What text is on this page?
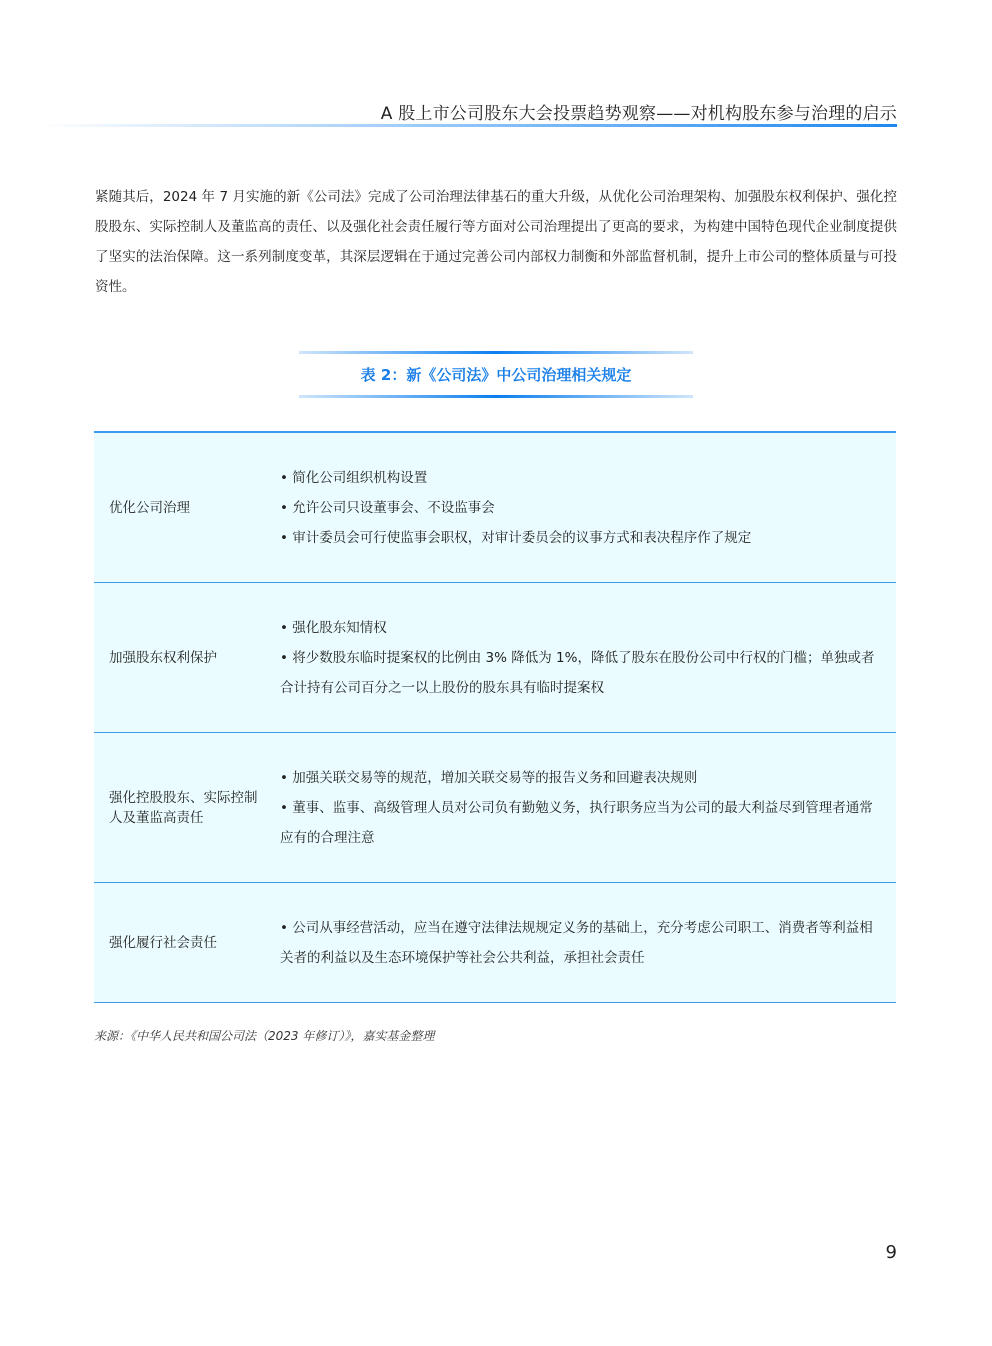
A 股上市公司股东大会投票趋势观察——对机构股东参与治理的启示
紧随其后，2024 年 7 月实施的新《公司法》完成了公司治理法律基石的重大升级，从优化公司治理架构、加强股东权利保护、强化控股股东、实际控制人及董监高的责任、以及强化社会责任履行等方面对公司治理提出了更高的要求，为构建中国特色现代企业制度提供了坚实的法治保障。这一系列制度变革，其深层逻辑在于通过完善公司内部权力制衡和外部监督机制，提升上市公司的整体质量与可投资性。
表 2：新《公司法》中公司治理相关规定
优化公司治理
• 简化公司组织机构设置
• 允许公司只设董事会、不设监事会
• 审计委员会可行使监事会职权，对审计委员会的议事方式和表决程序作了规定
加强股东权利保护
• 强化股东知情权
• 将少数股东临时提案权的比例由 3% 降低为 1%，降低了股东在股份公司中行权的门槛；单独或者合计持有公司百分之一以上股份的股东具有临时提案权
强化控股股东、实际控制人及董监高责任
• 加强关联交易等的规范，增加关联交易等的报告义务和回避表决规则
• 董事、监事、高级管理人员对公司负有勤勉义务，执行职务应当为公司的最大利益尽到管理者通常应有的合理注意
强化履行社会责任
• 公司从事经营活动，应当在遵守法律法规规定义务的基础上，充分考虑公司职工、消费者等利益相关者的利益以及生态环境保护等社会公共利益，承担社会责任
来源：《中华人民共和国公司法（2023 年修订）》，嘉实基金整理
9
